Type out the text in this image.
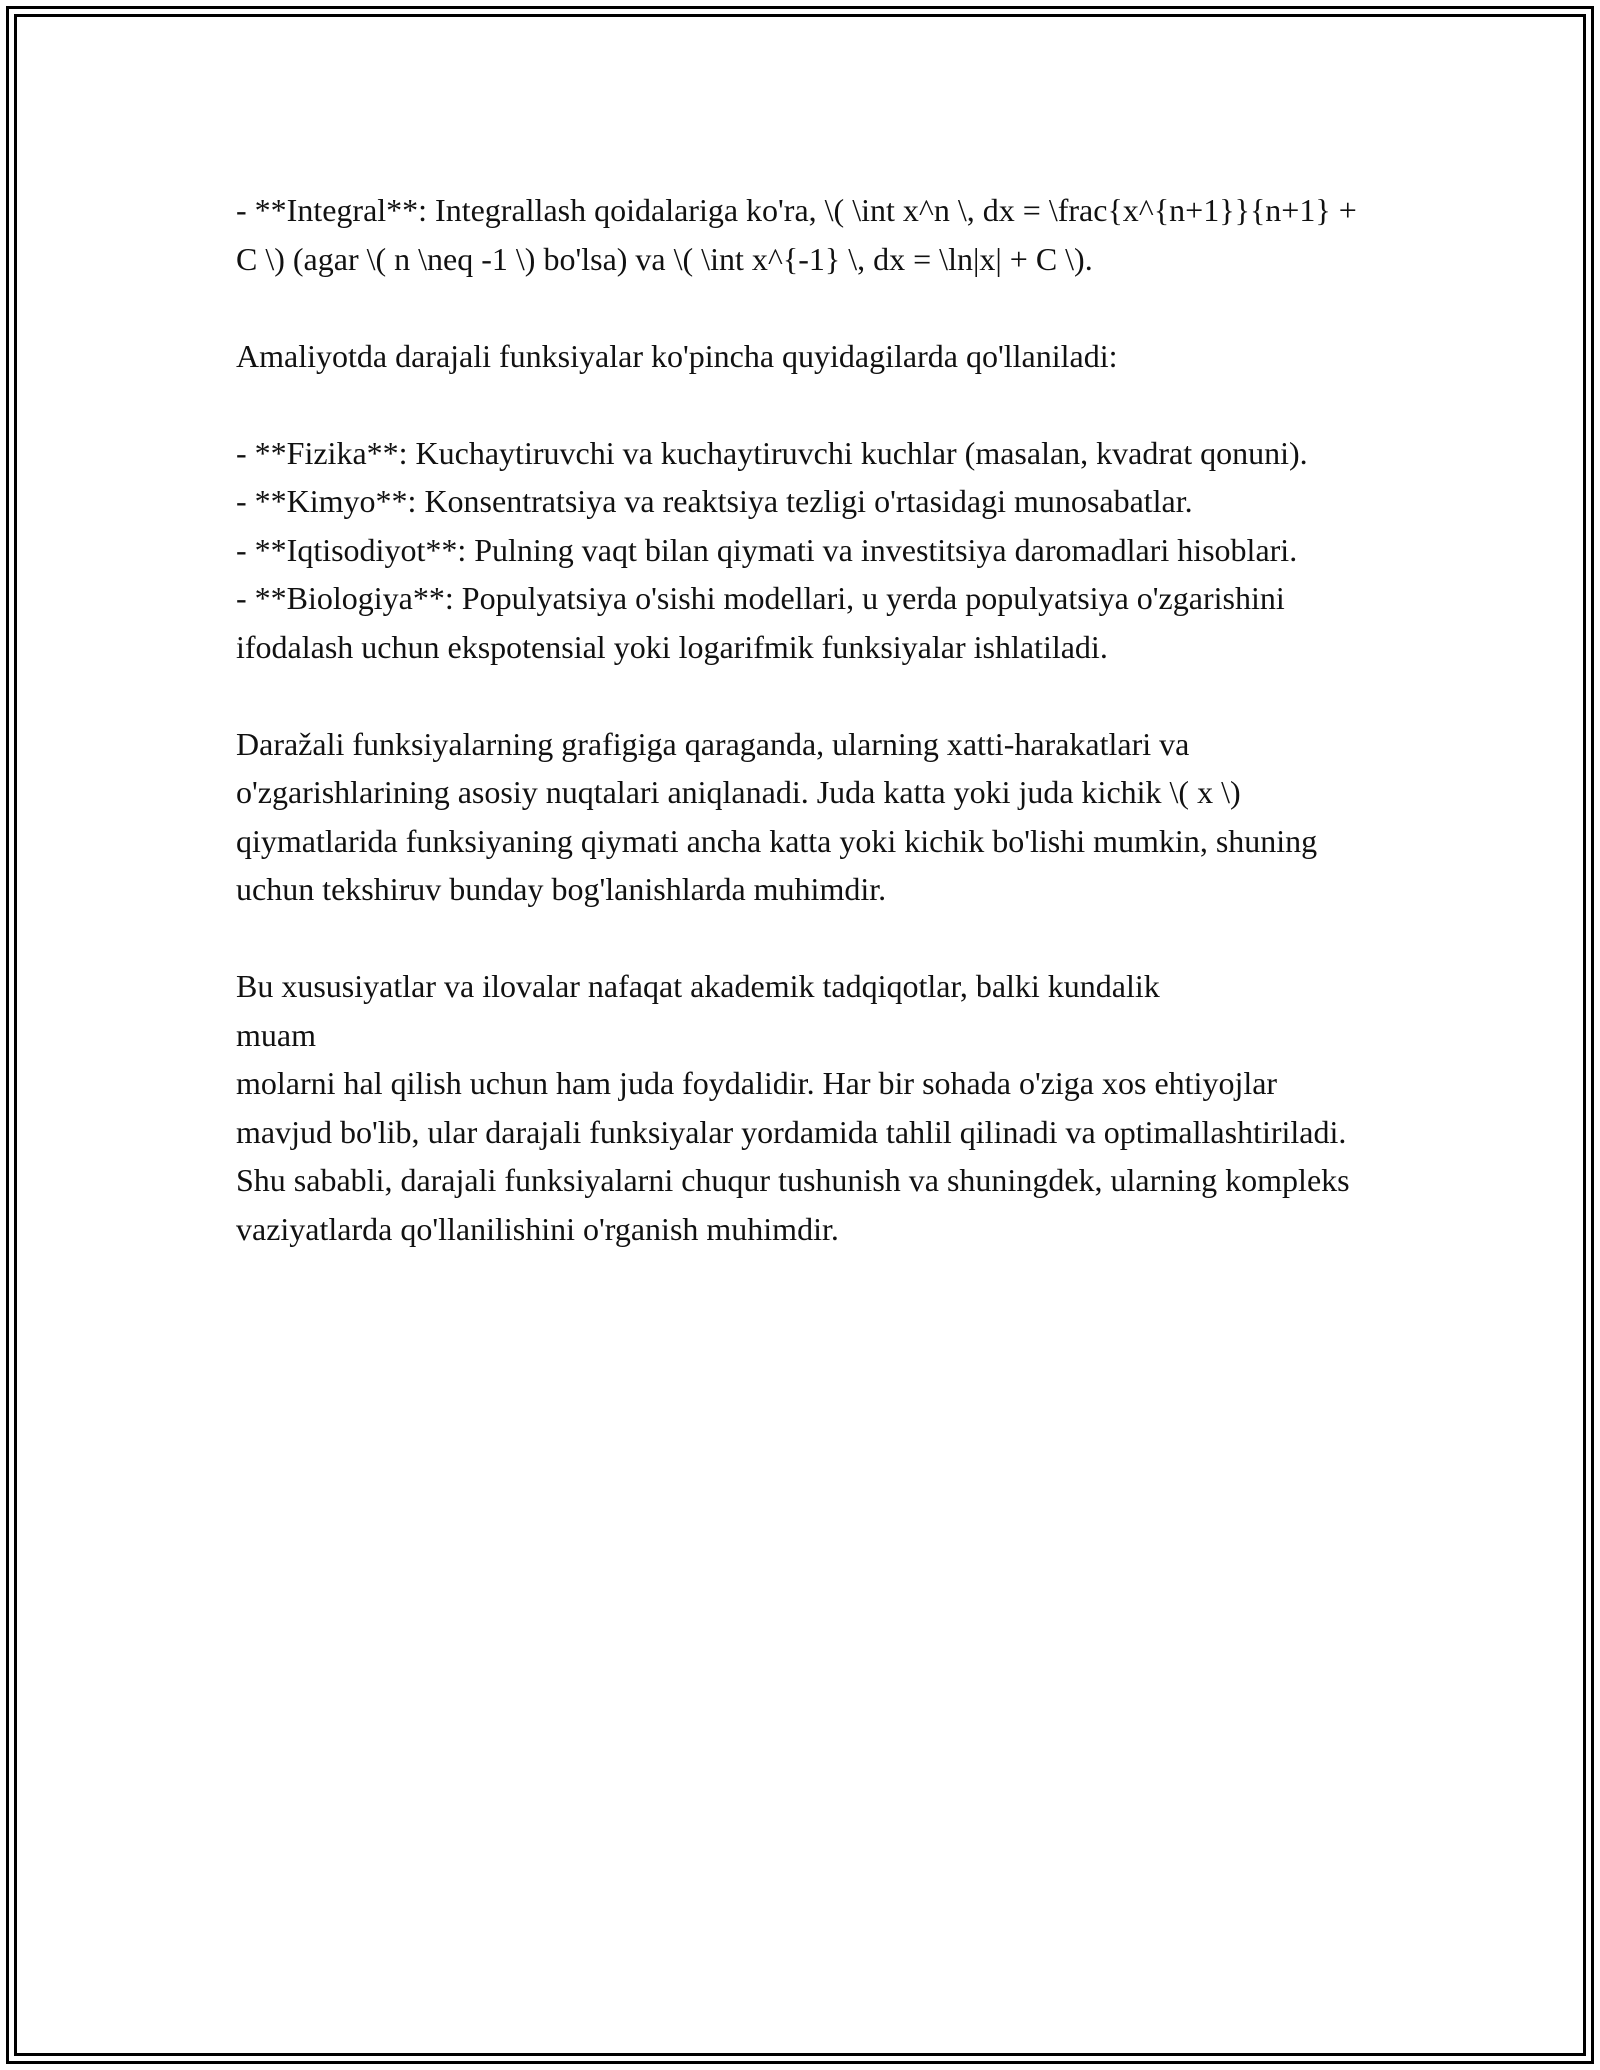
- **Integral**: Integrallash qoidalariga ko'ra, \( \int x^n \, dx = \frac{x^{n+1}}{n+1} + C \) (agar \( n \neq -1 \) bo'lsa) va \( \int x^{-1} \, dx = \ln|x| + C \).

Amaliyotda darajali funksiyalar ko'pincha quyidagilarda qo'llaniladi:

- **Fizika**: Kuchaytiruvchi va kuchaytiruvchi kuchlar (masalan, kvadrat qonuni).

- **Kimyo**: Konsentratsiya va reaktsiya tezligi o'rtasidagi munosabatlar.

- **Iqtisodiyot**: Pulning vaqt bilan qiymati va investitsiya daromadlari hisoblari.

- **Biologiya**: Populyatsiya o'sishi modellari, u yerda populyatsiya o'zgarishini ifodalash uchun ekspotensial yoki logarifmik funksiyalar ishlatiladi.

Daražali funksiyalarning grafigiga qaraganda, ularning xatti-harakatlari va o'zgarishlarining asosiy nuqtalari aniqlanadi. Juda katta yoki juda kichik \( x \) qiymatlarida funksiyaning qiymati ancha katta yoki kichik bo'lishi mumkin, shuning uchun tekshiruv bunday bog'lanishlarda muhimdir.

Bu xususiyatlar va ilovalar nafaqat akademik tadqiqotlar, balki kundalik

muam

molarni hal qilish uchun ham juda foydalidir. Har bir sohada o'ziga xos ehtiyojlar mavjud bo'lib, ular darajali funksiyalar yordamida tahlil qilinadi va optimallashtiriladi. Shu sababli, darajali funksiyalarni chuqur tushunish va shuningdek, ularning kompleks vaziyatlarda qo'llanilishini o'rganish muhimdir.
